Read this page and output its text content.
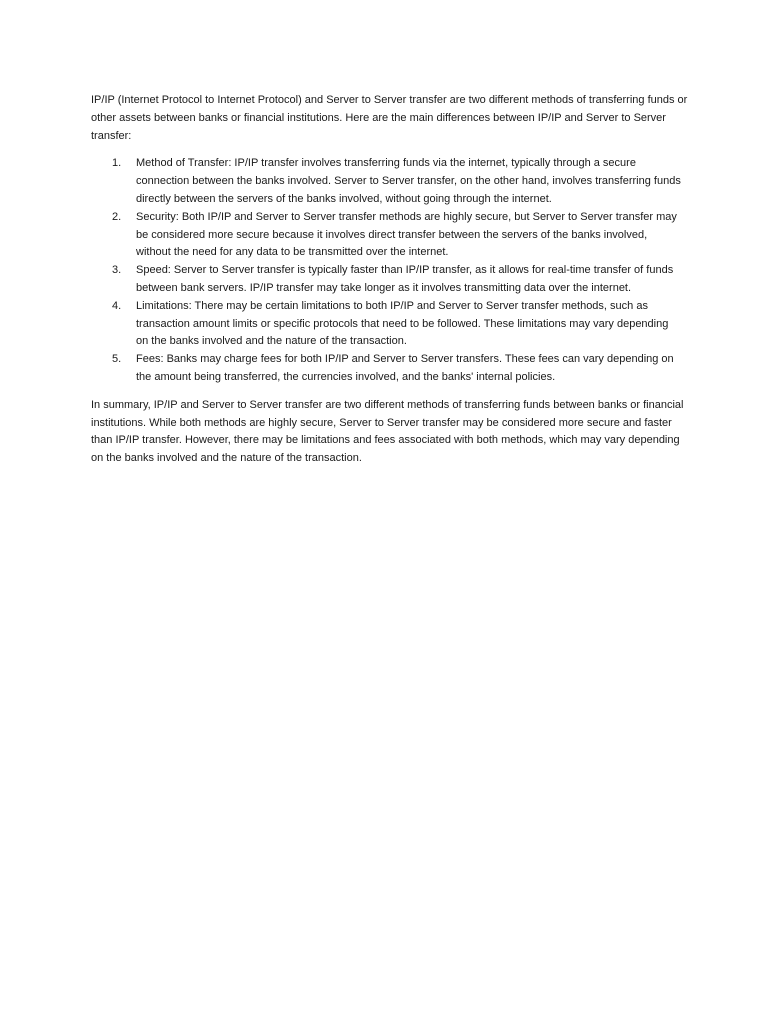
IP/IP (Internet Protocol to Internet Protocol) and Server to Server transfer are two different methods of transferring funds or other assets between banks or financial institutions. Here are the main differences between IP/IP and Server to Server transfer:

1. Method of Transfer: IP/IP transfer involves transferring funds via the internet, typically through a secure connection between the banks involved. Server to Server transfer, on the other hand, involves transferring funds directly between the servers of the banks involved, without going through the internet.
2. Security: Both IP/IP and Server to Server transfer methods are highly secure, but Server to Server transfer may be considered more secure because it involves direct transfer between the servers of the banks involved, without the need for any data to be transmitted over the internet.
3. Speed: Server to Server transfer is typically faster than IP/IP transfer, as it allows for real-time transfer of funds between bank servers. IP/IP transfer may take longer as it involves transmitting data over the internet.
4. Limitations: There may be certain limitations to both IP/IP and Server to Server transfer methods, such as transaction amount limits or specific protocols that need to be followed. These limitations may vary depending on the banks involved and the nature of the transaction.
5. Fees: Banks may charge fees for both IP/IP and Server to Server transfers. These fees can vary depending on the amount being transferred, the currencies involved, and the banks' internal policies.

In summary, IP/IP and Server to Server transfer are two different methods of transferring funds between banks or financial institutions. While both methods are highly secure, Server to Server transfer may be considered more secure and faster than IP/IP transfer. However, there may be limitations and fees associated with both methods, which may vary depending on the banks involved and the nature of the transaction.
